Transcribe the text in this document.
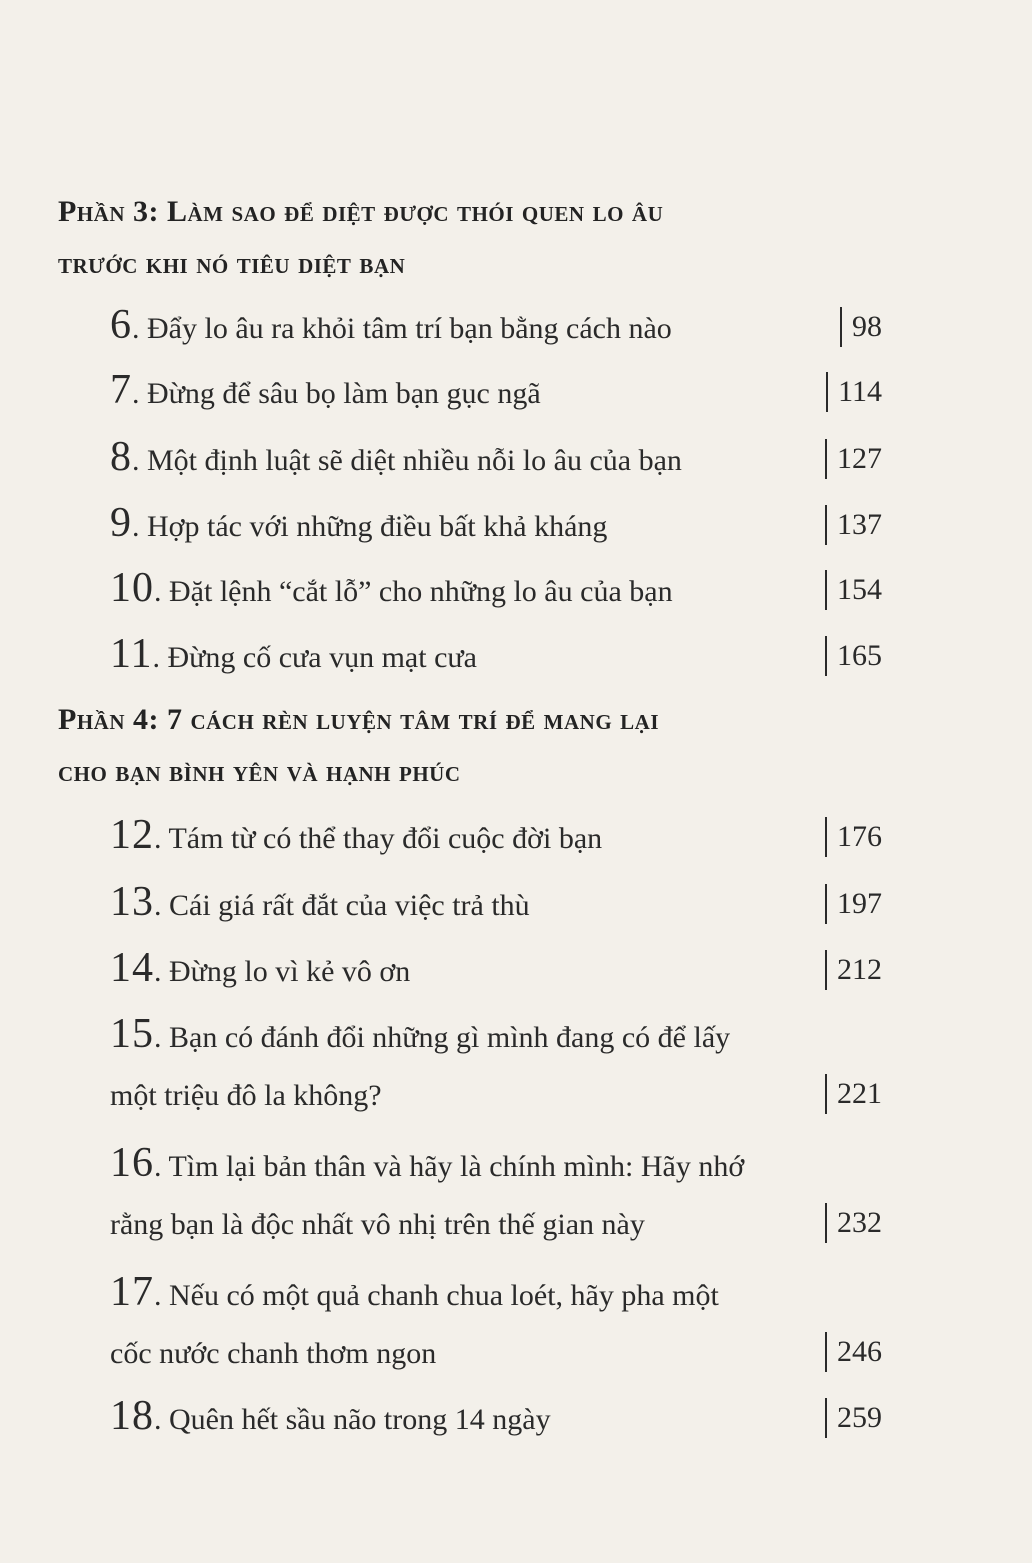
Phần 3: Làm sao để diệt được thói quen lo âu
trước khi nó tiêu diệt bạn
6. Đẩy lo âu ra khỏi tâm trí bạn bằng cách nào	98
7. Đừng để sâu bọ làm bạn gục ngã	114
8. Một định luật sẽ diệt nhiều nỗi lo âu của bạn	127
9. Hợp tác với những điều bất khả kháng	137
10. Đặt lệnh “cắt lỗ” cho những lo âu của bạn	154
11. Đừng cố cưa vụn mạt cưa	165
Phần 4: 7 cách rèn luyện tâm trí để mang lại
cho bạn bình yên và hạnh phúc
12. Tám từ có thể thay đổi cuộc đời bạn	176
13. Cái giá rất đắt của việc trả thù	197
14. Đừng lo vì kẻ vô ơn	212
15. Bạn có đánh đổi những gì mình đang có để lấy
một triệu đô la không?	221
16. Tìm lại bản thân và hãy là chính mình: Hãy nhớ
rằng bạn là độc nhất vô nhị trên thế gian này	232
17. Nếu có một quả chanh chua loét, hãy pha một
cốc nước chanh thơm ngon	246
18. Quên hết sầu não trong 14 ngày	259
